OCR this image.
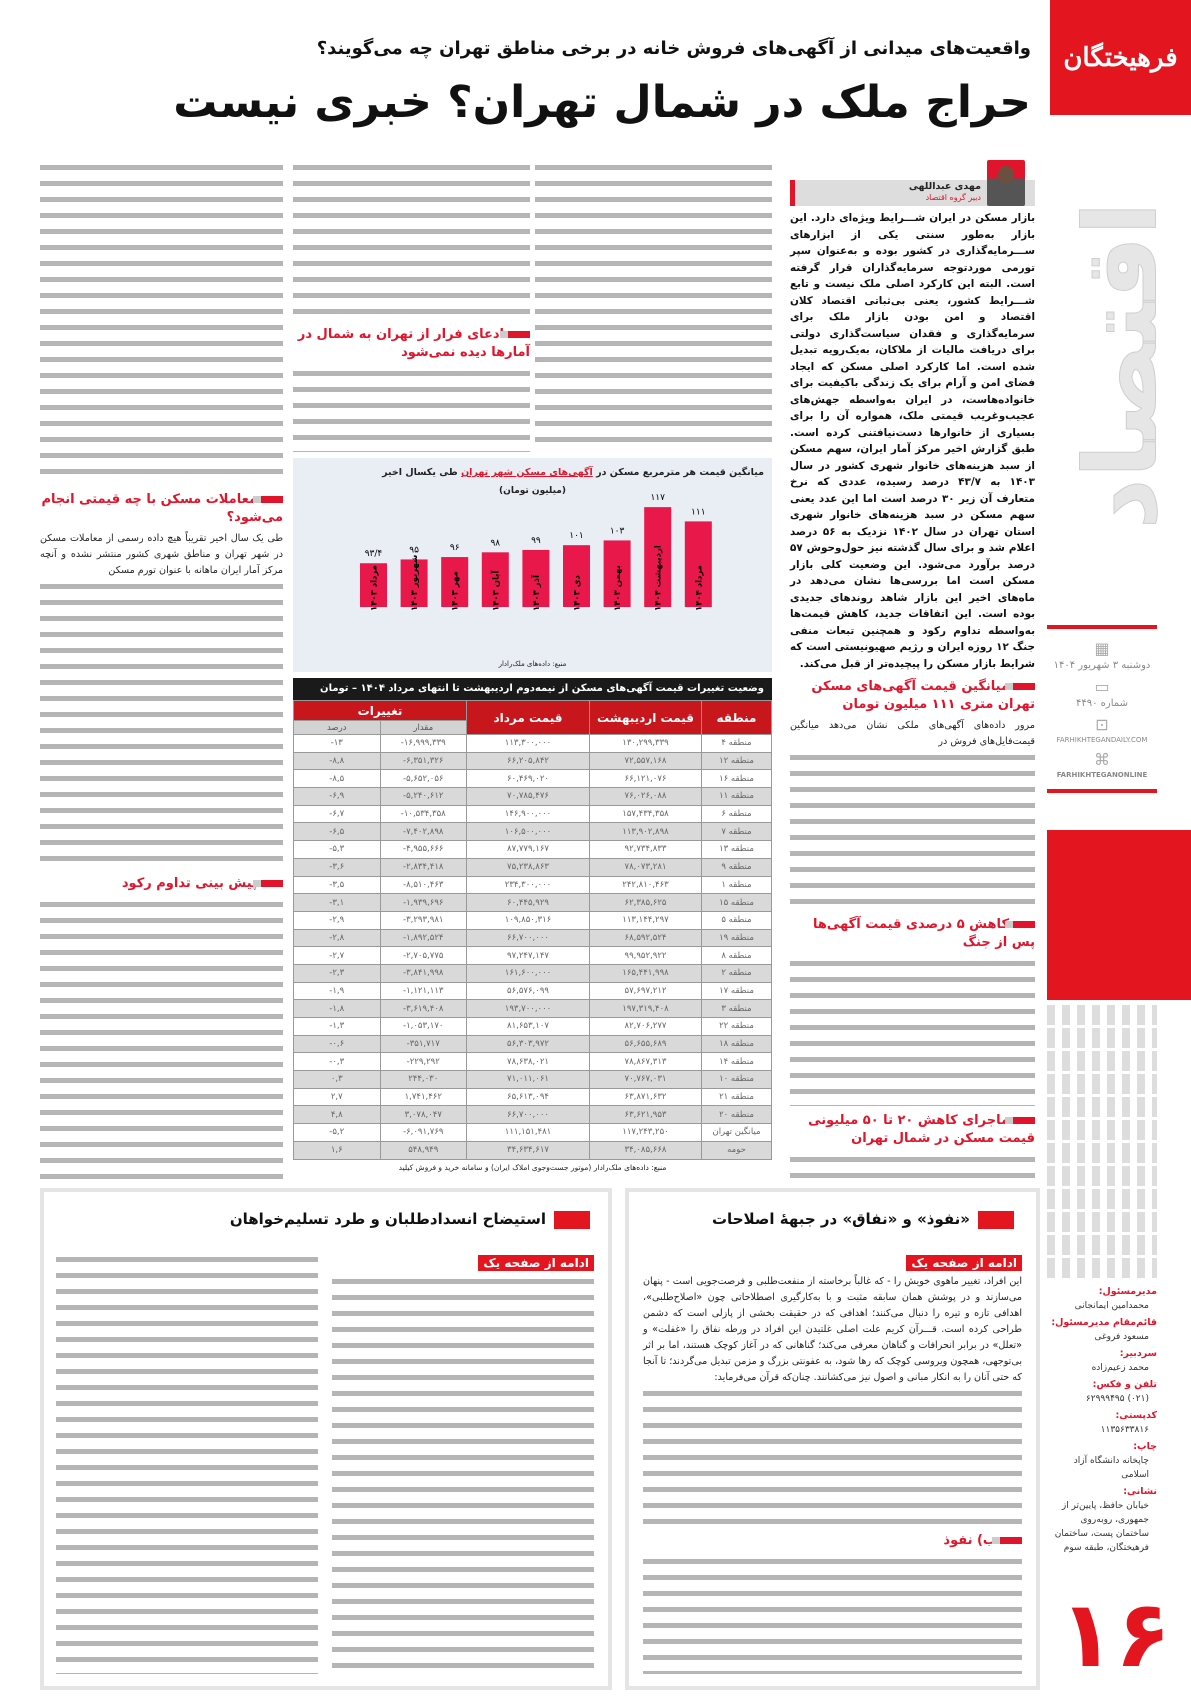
فرهیختگان
اقتصاد
▦
دوشنبه ۳ شهریور ۱۴۰۴
▭
شماره ۴۴۹۰
⊡
FARHIKHTEGANDAILY.COM
⌘
FARHIKHTEGANONLINE
مدیرمسئول:
محمدامین ایمانجانی
قائم‌مقام مدیرمسئول:
مسعود فروغی
سردبیر:
محمد زعیم‌زاده
تلفن و فکس:
(۰۲۱) ۶۲۹۹۹۴۹۵
کدپستی:
۱۱۳۵۶۳۳۸۱۶
چاپ:
چاپخانه دانشگاه آزاد اسلامی
نشانی:
خیابان حافظ، پایین‌تر از جمهوری، روبه‌روی ساختمان پست، ساختمان فرهیختگان، طبقه سوم
۱۶
واقعیت‌های میدانی از آگهی‌های فروش خانه در برخی مناطق تهران چه می‌گویند؟
حراج ملک در شمال تهران؟ خبری نیست
مهدی عبداللهی
دبیر گروه اقتصاد

بازار مسکن در ایران شـــرایط ویژه‌ای دارد. این بازار به‌طور سنتی یکی از ابزارهای ســـرمایه‌گذاری در کشور بوده و به‌عنوان سپر تورمی موردتوجه سرمایه‌گذاران قرار گرفته است. البته این کارکرد اصلی ملک نیست و تابع شـــرایط کشور، یعنی بی‌ثباتی اقتصاد کلان اقتصاد و امن بودن بازار ملک برای سرمایه‌گذاری و فقدان سیاست‌گذاری دولتی برای دریافت مالیات از ملاکان، به‌یک‌رویه تبدیل شده است. اما کارکرد اصلی مسکن که ایجاد فضای امن و آرام برای یک زندگی باکیفیت برای خانواده‌هاست، در ایران به‌واسطه جهش‌های عجیب‌وغریب قیمتی ملک، همواره آن را برای بسیاری از خانوارها دست‌نیافتنی کرده است. طبق گزارش اخیر مرکز آمار ایران، سهم مسکن از سبد هزینه‌های خانوار شهری کشور در سال ۱۴۰۳ به ۴۳/۷ درصد رسیده، عددی که نرخ متعارف آن زیر ۳۰ درصد است اما این عدد یعنی سهم مسکن در سبد هزینه‌های خانوار شهری استان تهران در سال ۱۴۰۲ نزدیک به ۵۶ درصد اعلام شد و برای سال گذشته نیز حول‌وحوش ۵۷ درصد برآورد می‌شود. این وضعیت کلی بازار مسکن است اما بررسی‌ها نشان می‌دهد در ماه‌های اخیر این بازار شاهد روندهای جدیدی بوده است. این اتفاقات جدید، کاهش قیمت‌ها به‌واسطه تداوم رکود و همچنین تبعات منفی جنگ ۱۲ روزه ایران و رژیم صهیونیستی است که شرایط بازار مسکن را پیچیده‌تر از قبل می‌کند.

میانگین قیمت آگهی‌های مسکن تهران متری ۱۱۱ میلیون تومان

مرور داده‌های آگهی‌های ملکی نشان می‌دهد میانگین قیمت‌فایل‌های فروش در

کاهش ۵ درصدی قیمت آگهی‌ها پس از جنگ
ماجرای کاهش ۲۰ تا ۵۰ میلیونی قیمت مسکن در شمال تهران
ادعای فرار از تهران به شمال در آمارها دیده نمی‌شود
معاملات مسکن با چه قیمتی انجام می‌شود؟

طی یک سال اخیر تقریباً هیچ داده رسمی از معاملات مسکن در شهر تهران و مناطق شهری کشور منتشر نشده و آنچه مرکز آمار ایران ماهانه با عنوان تورم مسکن

پیش بینی تداوم رکود
میانگین قیمت هر مترمربع مسکن در آگهی‌های مسکن شهر تهران طی یکسال اخیر
(میلیون تومان)
۹۳/۴
مرداد ۱۴۰۳
۹۵
شهریور ۱۴۰۳
۹۶
مهر ۱۴۰۳
۹۸
آبان ۱۴۰۳
۹۹
آذر ۱۴۰۳
۱۰۱
دی ۱۴۰۳
۱۰۳
بهمن ۱۴۰۳
۱۱۷
اردیبهشت ۱۴۰۴
۱۱۱
مرداد ۱۴۰۴
منبع: داده‌های ملک‌رادار
وضعیت تغییرات قیمت آگهی‌های مسکن از نیمه‌دوم اردیبهشت تا انتهای مرداد ۱۴۰۴ – تومان
منطقه	قیمت اردیبهشت	قیمت مرداد	تغییرات	
			مقدار	درصد
منطقه ۴	۱۳۰,۲۹۹,۳۳۹	۱۱۳,۳۰۰,۰۰۰	-۱۶,۹۹۹,۳۳۹	-۱۳
منطقه ۱۲	۷۲,۵۵۷,۱۶۸	۶۶,۲۰۵,۸۴۲	-۶,۳۵۱,۳۲۶	-۸,۸
منطقه ۱۶	۶۶,۱۲۱,۰۷۶	۶۰,۴۶۹,۰۲۰	-۵,۶۵۲,۰۵۶	-۸,۵
منطقه ۱۱	۷۶,۰۲۶,۰۸۸	۷۰,۷۸۵,۴۷۶	-۵,۲۴۰,۶۱۲	-۶,۹
منطقه ۶	۱۵۷,۴۳۴,۳۵۸	۱۴۶,۹۰۰,۰۰۰	-۱۰,۵۳۴,۳۵۸	-۶,۷
منطقه ۷	۱۱۳,۹۰۲,۸۹۸	۱۰۶,۵۰۰,۰۰۰	-۷,۴۰۲,۸۹۸	-۶,۵
منطقه ۱۳	۹۲,۷۳۴,۸۳۳	۸۷,۷۷۹,۱۶۷	-۴,۹۵۵,۶۶۶	-۵,۳
منطقه ۹	۷۸,۰۷۳,۲۸۱	۷۵,۲۳۸,۸۶۳	-۲,۸۳۴,۴۱۸	-۳,۶
منطقه ۱	۲۴۲,۸۱۰,۴۶۳	۲۳۴,۳۰۰,۰۰۰	-۸,۵۱۰,۴۶۳	-۳,۵
منطقه ۱۵	۶۲,۳۸۵,۶۲۵	۶۰,۴۴۵,۹۲۹	-۱,۹۳۹,۶۹۶	-۳,۱
منطقه ۵	۱۱۳,۱۴۴,۲۹۷	۱۰۹,۸۵۰,۳۱۶	-۳,۲۹۳,۹۸۱	-۲,۹
منطقه ۱۹	۶۸,۵۹۲,۵۲۴	۶۶,۷۰۰,۰۰۰	-۱,۸۹۲,۵۲۴	-۲,۸
منطقه ۸	۹۹,۹۵۲,۹۲۲	۹۷,۲۴۷,۱۴۷	-۲,۷۰۵,۷۷۵	-۲,۷
منطقه ۲	۱۶۵,۴۴۱,۹۹۸	۱۶۱,۶۰۰,۰۰۰	-۳,۸۴۱,۹۹۸	-۲,۳
منطقه ۱۷	۵۷,۶۹۷,۲۱۲	۵۶,۵۷۶,۰۹۹	-۱,۱۲۱,۱۱۳	-۱,۹
منطقه ۳	۱۹۷,۳۱۹,۴۰۸	۱۹۳,۷۰۰,۰۰۰	-۳,۶۱۹,۴۰۸	-۱,۸
منطقه ۲۲	۸۲,۷۰۶,۲۷۷	۸۱,۶۵۳,۱۰۷	-۱,۰۵۳,۱۷۰	-۱,۳
منطقه ۱۸	۵۶,۶۵۵,۶۸۹	۵۶,۳۰۳,۹۷۲	-۳۵۱,۷۱۷	-۰,۶
منطقه ۱۴	۷۸,۸۶۷,۳۱۳	۷۸,۶۳۸,۰۲۱	-۲۲۹,۲۹۲	-۰,۳
منطقه ۱۰	۷۰,۷۶۷,۰۳۱	۷۱,۰۱۱,۰۶۱	۲۴۴,۰۳۰	۰,۳
منطقه ۲۱	۶۳,۸۷۱,۶۳۲	۶۵,۶۱۳,۰۹۴	۱,۷۴۱,۴۶۲	۲,۷
منطقه ۲۰	۶۳,۶۲۱,۹۵۳	۶۶,۷۰۰,۰۰۰	۳,۰۷۸,۰۴۷	۴,۸
میانگین تهران	۱۱۷,۲۴۳,۲۵۰	۱۱۱,۱۵۱,۴۸۱	-۶,۰۹۱,۷۶۹	-۵,۲
حومه	۳۴,۰۸۵,۶۶۸	۳۴,۶۳۴,۶۱۷	۵۴۸,۹۴۹	۱,۶
منبع: داده‌های ملک‌رادار (موتور جست‌وجوی املاک ایران) و سامانه خرید و فروش کیلید
«نفوذ» و «نفاق» در جبههٔ اصلاحات
ادامه از صفحه یک

این افراد، تغییر ماهوی خویش را - که غالباً برخاسته از منفعت‌طلبی و فرصت‌جویی است - پنهان می‌سازند و در پوشش همان سابقه مثبت و با به‌کارگیری اصطلاحاتی چون «اصلاح‌طلبی»، اهدافی تازه و تیره را دنبال می‌کنند؛ اهدافی که در حقیقت بخشی از پازلی است که دشمن طراحی کرده است. قـــرآن کریم علت اصلی غلتیدن این افراد در ورطه نفاق را «غفلت» و «تعلل» در برابر انحرافات و گناهان معرفی می‌کند؛ گناهانی که در آغاز کوچک هستند، اما بر اثر بی‌توجهی، همچون ویروسی کوچک که رها شود، به عفونتی بزرگ و مزمن تبدیل می‌گردند؛ تا آنجا که حتی آنان را به انکار مبانی و اصول نیز می‌کشانند. چنان‌که قرآن می‌فرماید:

ب) نفوذ
استیضاح انسدادطلبان و طرد تسلیم‌خواهان
ادامه از صفحه یک
